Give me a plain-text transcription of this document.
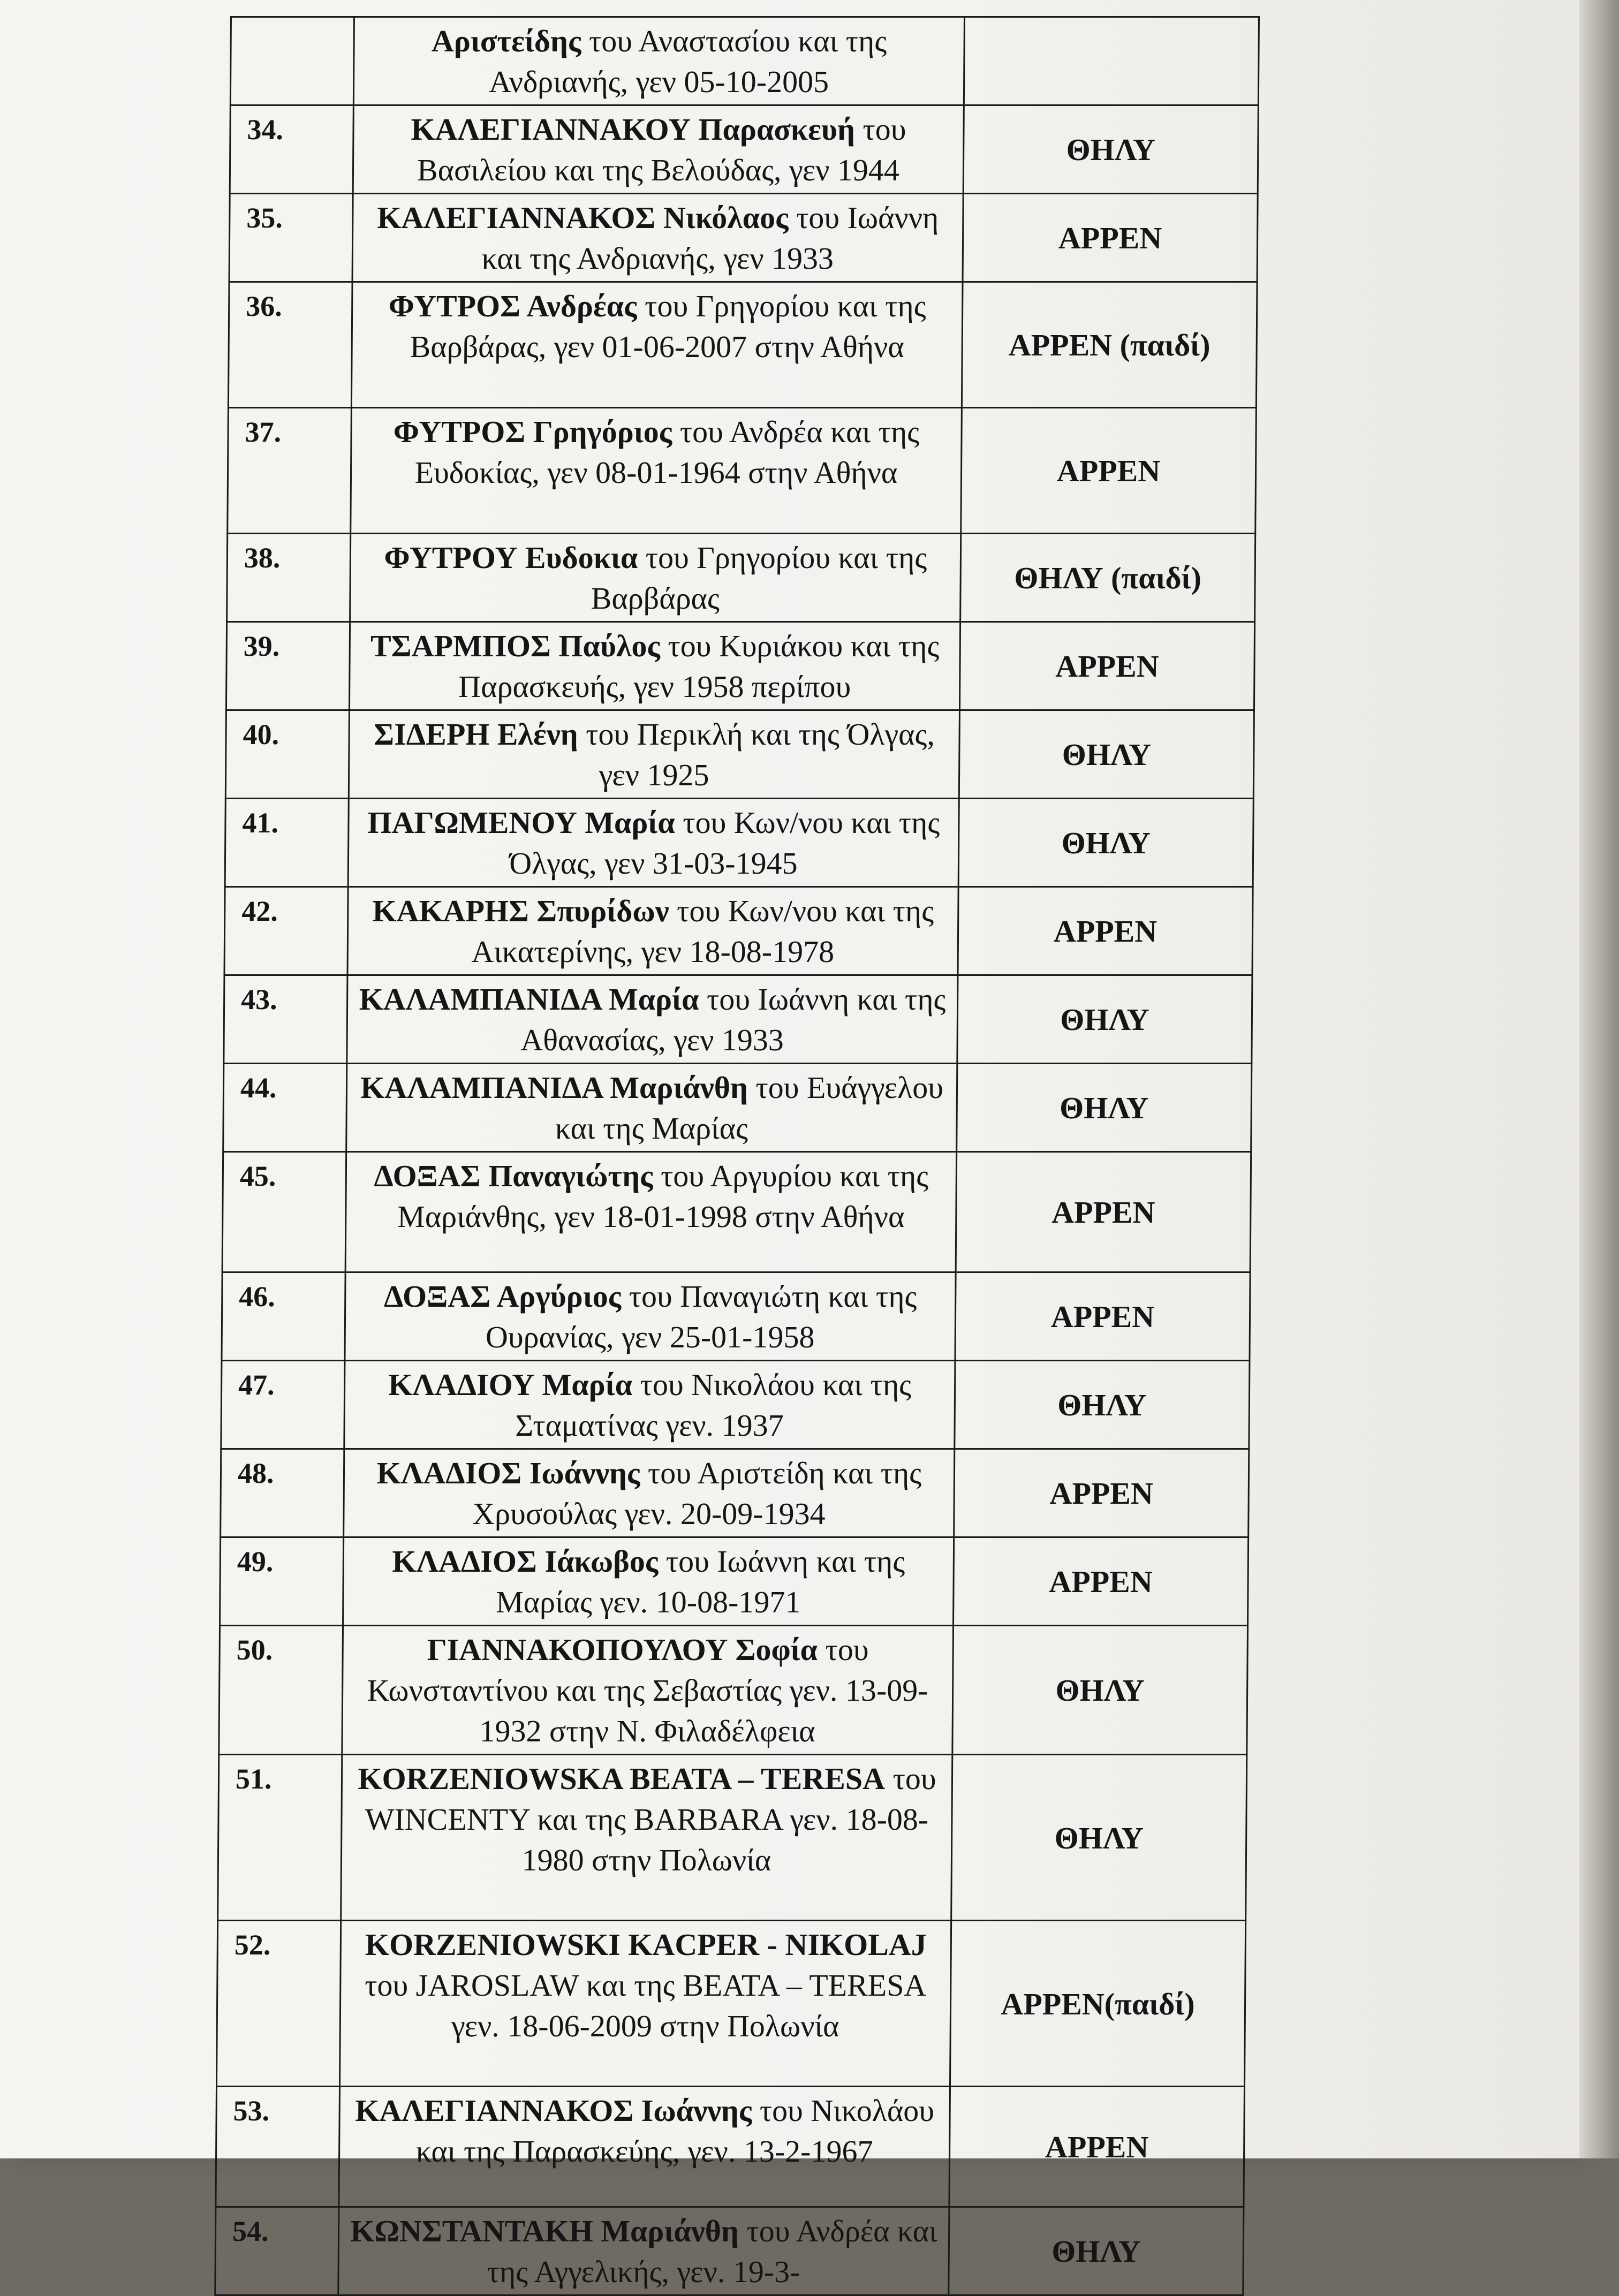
	Αριστείδης του Αναστασίου και της Ανδριανής, γεν 05-10-2005	
34.	ΚΑΛΕΓΙΑΝΝΑΚΟΥ Παρασκευή του Βασιλείου και της Βελούδας, γεν 1944	ΘΗΛΥ
35.	ΚΑΛΕΓΙΑΝΝΑΚΟΣ Νικόλαος του Ιωάννη και της Ανδριανής, γεν 1933	ΑΡΡΕΝ
36.	ΦΥΤΡΟΣ Ανδρέας του Γρηγορίου και της Βαρβάρας, γεν 01-06-2007 στην Αθήνα	ΑΡΡΕΝ (παιδί)
37.	ΦΥΤΡΟΣ Γρηγόριος του Ανδρέα και της Ευδοκίας, γεν 08-01-1964 στην Αθήνα	ΑΡΡΕΝ
38.	ΦΥΤΡΟΥ Ευδοκια του Γρηγορίου και της Βαρβάρας	ΘΗΛΥ (παιδί)
39.	ΤΣΑΡΜΠΟΣ Παύλος του Κυριάκου και της Παρασκευής, γεν 1958 περίπου	ΑΡΡΕΝ
40.	ΣΙΔΕΡΗ Ελένη του Περικλή και της Όλγας, γεν 1925	ΘΗΛΥ
41.	ΠΑΓΩΜΕΝΟΥ Μαρία του Κων/νου και της Όλγας, γεν 31-03-1945	ΘΗΛΥ
42.	ΚΑΚΑΡΗΣ Σπυρίδων του Κων/νου και της Αικατερίνης, γεν 18-08-1978	ΑΡΡΕΝ
43.	ΚΑΛΑΜΠΑΝΙΔΑ Μαρία του Ιωάννη και της Αθανασίας, γεν 1933	ΘΗΛΥ
44.	ΚΑΛΑΜΠΑΝΙΔΑ Μαριάνθη του Ευάγγελου και της Μαρίας	ΘΗΛΥ
45.	ΔΟΞΑΣ Παναγιώτης του Αργυρίου και της Μαριάνθης, γεν 18-01-1998 στην Αθήνα	ΑΡΡΕΝ
46.	ΔΟΞΑΣ Αργύριος του Παναγιώτη και της Ουρανίας, γεν 25-01-1958	ΑΡΡΕΝ
47.	ΚΛΑΔΙΟΥ Μαρία του Νικολάου και της Σταματίνας γεν. 1937	ΘΗΛΥ
48.	ΚΛΑΔΙΟΣ Ιωάννης του Αριστείδη και της Χρυσούλας γεν. 20-09-1934	ΑΡΡΕΝ
49.	ΚΛΑΔΙΟΣ Ιάκωβος του Ιωάννη και της Μαρίας γεν. 10-08-1971	ΑΡΡΕΝ
50.	ΓΙΑΝΝΑΚΟΠΟΥΛΟΥ Σοφία του Κωνσταντίνου και της Σεβαστίας γεν. 13-09-1932 στην Ν. Φιλαδέλφεια	ΘΗΛΥ
51.	KORZENIOWSKA BEATA – TERESA του WINCENTY και της BARBARA γεν. 18-08-1980 στην Πολωνία	ΘΗΛΥ
52.	KORZENIOWSKI KACPER - NIKOLAJ του JAROSLAW και της BEATA – TERESA γεν. 18-06-2009 στην Πολωνία	ΑΡΡΕΝ(παιδί)
53.	ΚΑΛΕΓΙΑΝΝΑΚΟΣ Ιωάννης του Νικολάου και της Παρασκεύης, γεν. 13-2-1967	ΑΡΡΕΝ
54.	ΚΩΝΣΤΑΝΤΑΚΗ Μαριάνθη του Ανδρέα και της Αγγελικής, γεν. 19-3-	ΘΗΛΥ
